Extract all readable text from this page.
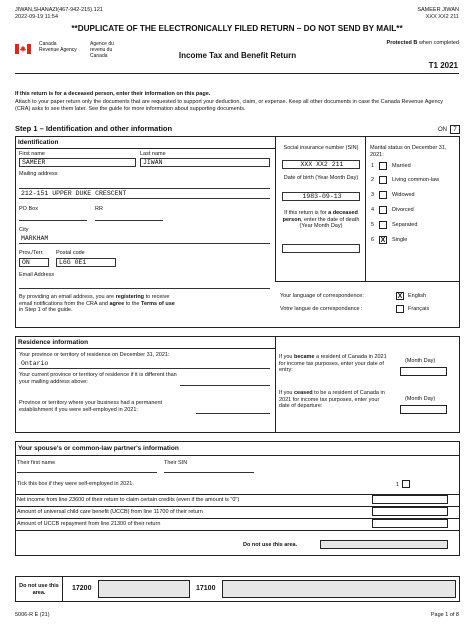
JIWAN,SHANAZI(467-942-215).121
2022-09-19 11:54
SAMEER JIWAN
XXX XX2 211
**DUPLICATE OF THE ELECTRONICALLY FILED RETURN – DO NOT SEND BY MAIL**
Canada Revenue Agency
Agence du revenu du Canada	Income Tax and Benefit Return
Protected B when completed
T1 2021
If this return is for a deceased person, enter their information on this page.
Attach to your paper return only the documents that are requested to support your deduction, claim, or expense. Keep all other documents in case the Canada Revenue Agency (CRA) asks to see them later. See the guide for more information about supporting documents.
Step 1 – Identification and other information	ON	7
Identification
First name	Last name
SAMEER	JIWAN
Mailing address
212-151 UPPER DUKE CRESCENT
PO Box	RR
City
MARKHAM
Prov./Terr. Postal code
ON	L6G 0E1
Email Address
By providing an email address, you are registering to receive email notifications from the CRA and agree to the Terms of use in Step 1 of the guide.
Social insurance number (SIN)
XXX XX2 211
Date of birth (Year Month Day)
1983-09-13
If this return is for a deceased person, enter the date of death (Year Month Day)
Marital status on December 31, 2021:
1	Married
2	Living common-law
3	Widowed
4	Divorced
5	Separated
6 X	Single
Your language of correspondence:
Votre langue de correspondance :
X	English
Français
Residence information
Your province or territory of residence on December 31, 2021:
Ontario
Your current province or territory of residence if it is different than your mailing address above:
Province or territory where your business had a permanent establishment if you were self-employed in 2021:
If you became a resident of Canada in 2021 for income tax purposes, enter your date of entry:
(Month Day)
If you ceased to be a resident of Canada in 2021 for income tax purposes, enter your date of departure:
(Month Day)
Your spouse's or common-law partner's information
Their first name	Their SIN
Tick this box if they were self-employed in 2021.	1
Net income from line 23600 of their return to claim certain credits (even if the amount is "0")
Amount of universal child care benefit (UCCB) from line 11700 of their return
Amount of UCCB repayment from line 21300 of their return
Do not use this area.
Do not use this area.
17200	17100
5006-R E (21)	Page 1 of 8
